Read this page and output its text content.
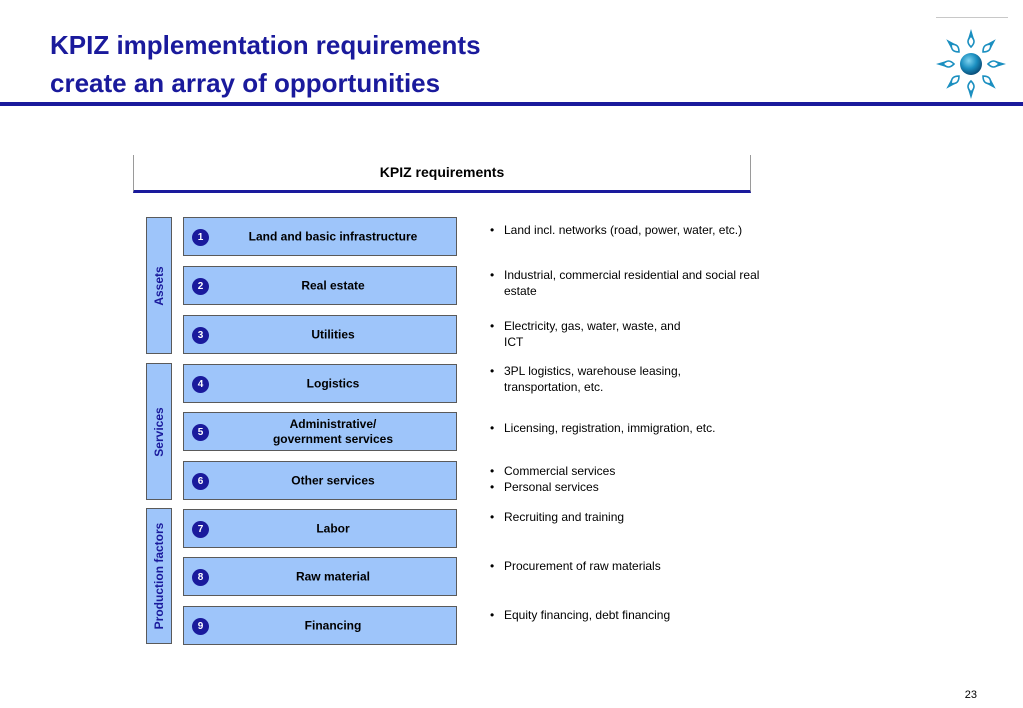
KPIZ implementation requirements
create an array of opportunities
KPIZ requirements
Assets
Services
Production factors
1	Land and basic infrastructure
•	Land incl. networks (road, power, water, etc.)
2	Real estate
• Industrial, commercial residential and social real estate
3	Utilities
• Electricity, gas, water, waste, and ICT
4	Logistics
• 3PL logistics, warehouse leasing, transportation, etc.
5
Administrative/
government services
• Licensing, registration, immigration, etc.
6	Other services
• Commercial services
• Personal services
7	Labor
• Recruiting and training
8	Raw material
• Procurement of raw materials
9	Financing
• Equity financing, debt financing
23
